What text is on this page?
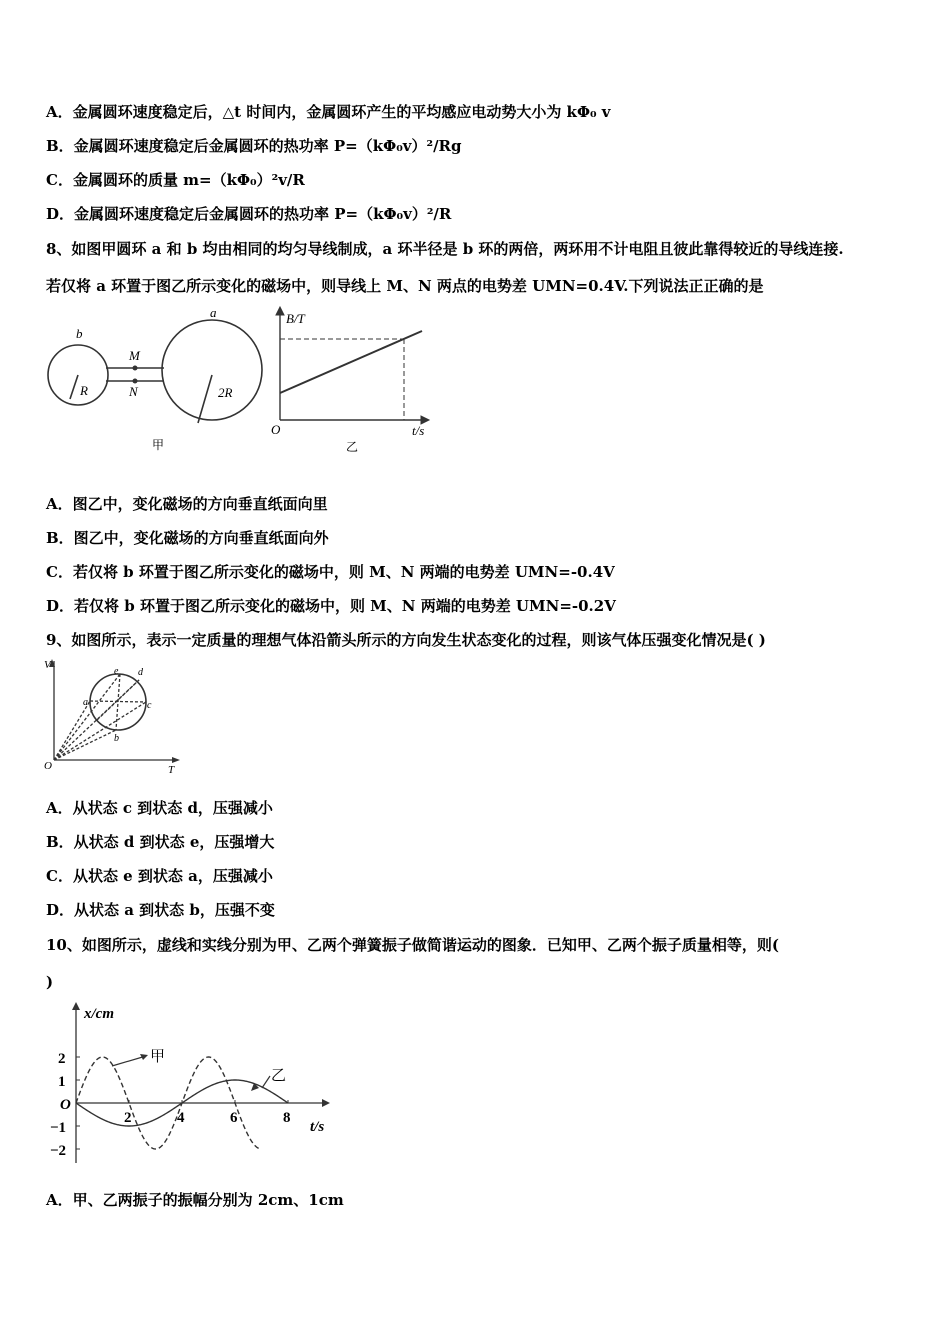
A．金属圆环速度稳定后，△t 时间内，金属圆环产生的平均感应电动势大小为 kΦ₀ v
B．金属圆环速度稳定后金属圆环的热功率 P=（kΦ₀v）²/Rg
C．金属圆环的质量 m=（kΦ₀）²v/R
D．金属圆环速度稳定后金属圆环的热功率 P=（kΦ₀v）²/R
8、如图甲圆环 a 和 b 均由相同的均匀导线制成，a 环半径是 b 环的两倍，两环用不计电阻且彼此靠得较近的导线连接.
若仅将 a 环置于图乙所示变化的磁场中，则导线上 M、N 两点的电势差 UMN=0.4V.下列说法正正确的是
b
a
M
N
R	2R
甲
B/T
t/s
O
乙
A．图乙中，变化磁场的方向垂直纸面向里
B．图乙中，变化磁场的方向垂直纸面向外
C．若仅将 b 环置于图乙所示变化的磁场中，则 M、N 两端的电势差 UMN=-0.4V
D．若仅将 b 环置于图乙所示变化的磁场中，则 M、N 两端的电势差 UMN=-0.2V
9、如图所示，表示一定质量的理想气体沿箭头所示的方向发生状态变化的过程，则该气体压强变化情况是( )
V
T
O
a
b
c
d
e
A．从状态 c 到状态 d，压强减小
B．从状态 d 到状态 e，压强增大
C．从状态 e 到状态 a，压强减小
D．从状态 a 到状态 b，压强不变
10、如图所示，虚线和实线分别为甲、乙两个弹簧振子做简谐运动的图象．已知甲、乙两个振子质量相等，则(
)
x/cm
t/s
2	4	6	8
2
1
O
−1
−2
甲
乙
A．甲、乙两振子的振幅分别为 2cm、1cm
